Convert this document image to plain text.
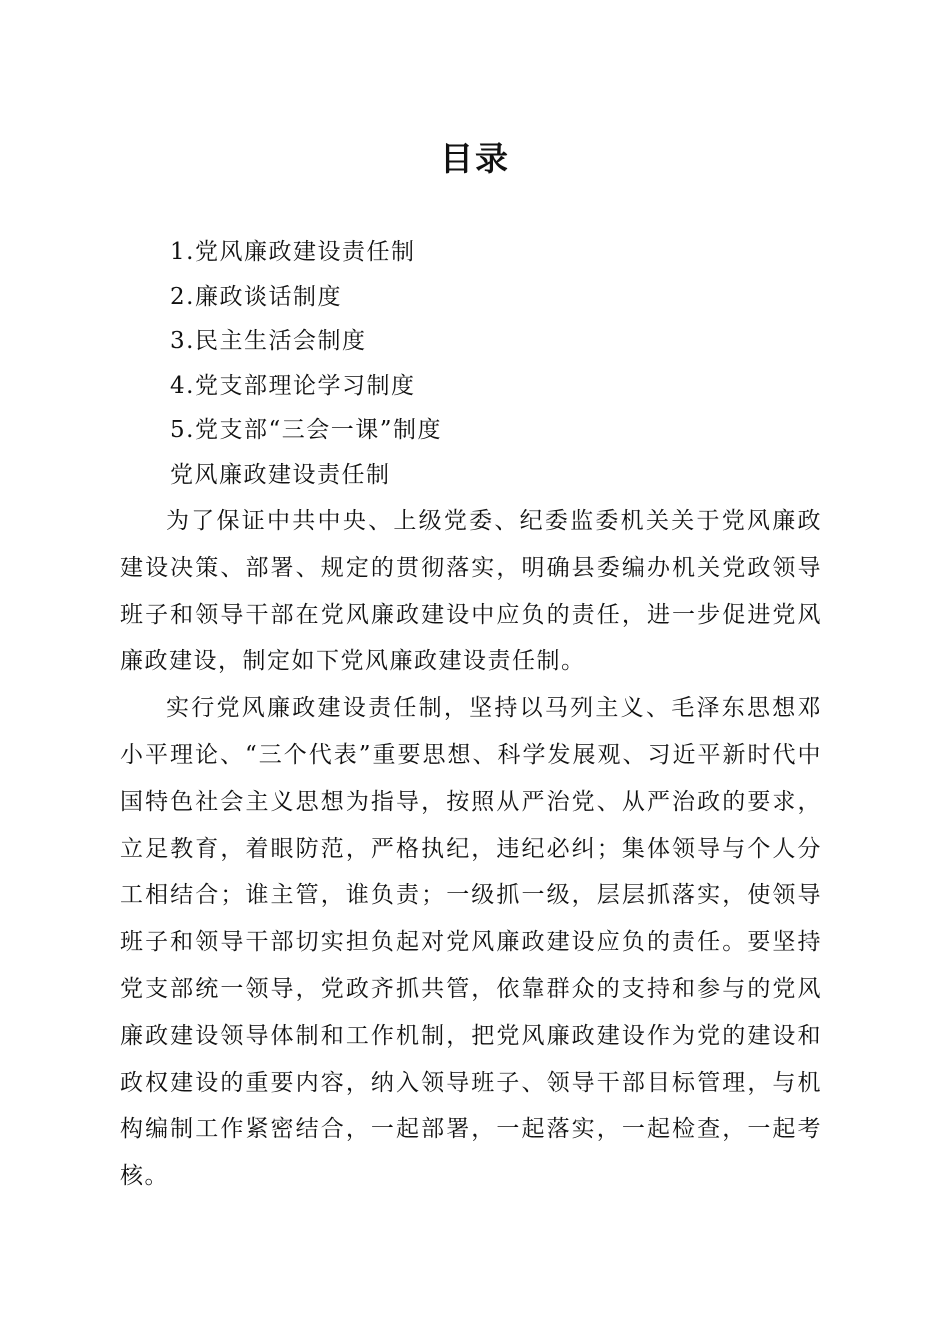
目录
1.党风廉政建设责任制
2.廉政谈话制度
3.民主生活会制度
4.党支部理论学习制度
5.党支部“三会一课”制度
党风廉政建设责任制

为了保证中共中央、上级党委、纪委监委机关关于党风廉政建设决策、部署、规定的贯彻落实，明确县委编办机关党政领导班子和领导干部在党风廉政建设中应负的责任，进一步促进党风廉政建设，制定如下党风廉政建设责任制。

实行党风廉政建设责任制，坚持以马列主义、毛泽东思想邓小平理论、“三个代表”重要思想、科学发展观、习近平新时代中国特色社会主义思想为指导，按照从严治党、从严治政的要求，立足教育，着眼防范，严格执纪，违纪必纠；集体领导与个人分工相结合；谁主管，谁负责；一级抓一级，层层抓落实，使领导班子和领导干部切实担负起对党风廉政建设应负的责任。要坚持党支部统一领导，党政齐抓共管，依靠群众的支持和参与的党风廉政建设领导体制和工作机制，把党风廉政建设作为党的建设和政权建设的重要内容，纳入领导班子、领导干部目标管理，与机构编制工作紧密结合，一起部署，一起落实，一起检查，一起考核。
